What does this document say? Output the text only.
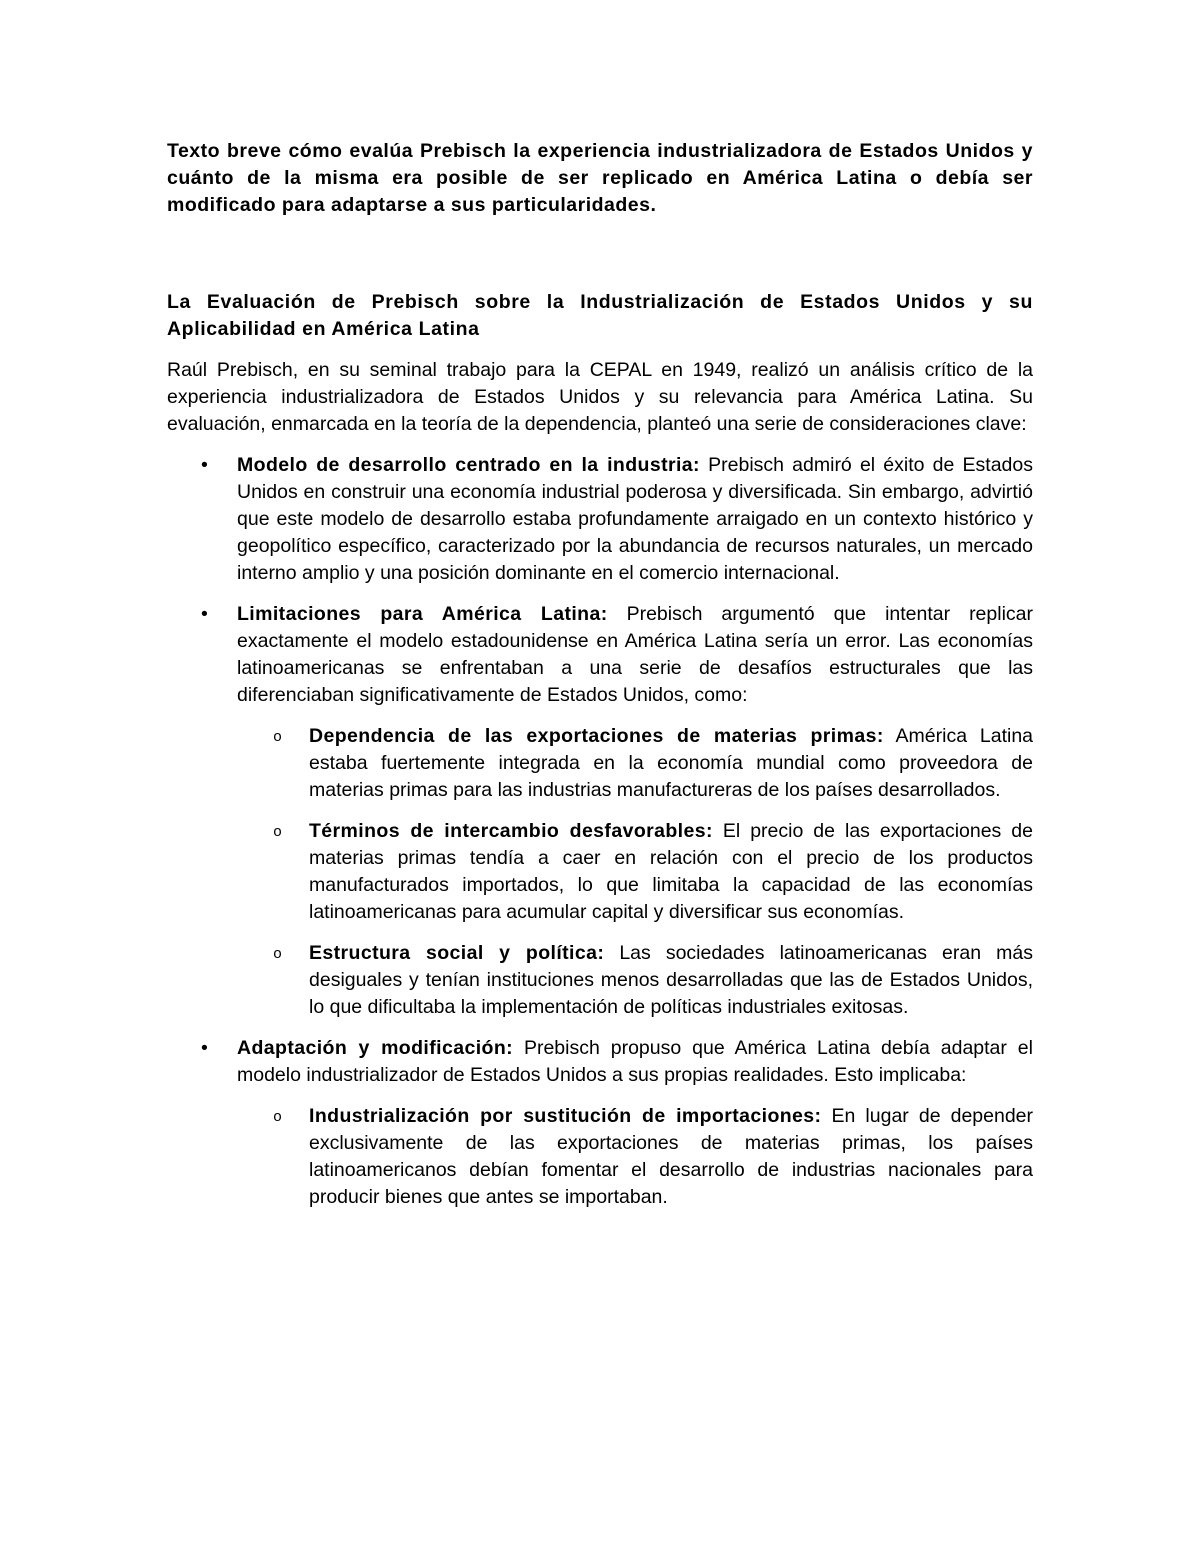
Texto breve cómo evalúa Prebisch la experiencia industrializadora de Estados Unidos y cuánto de la misma era posible de ser replicado en América Latina o debía ser modificado para adaptarse a sus particularidades.

La Evaluación de Prebisch sobre la Industrialización de Estados Unidos y su Aplicabilidad en América Latina

Raúl Prebisch, en su seminal trabajo para la CEPAL en 1949, realizó un análisis crítico de la experiencia industrializadora de Estados Unidos y su relevancia para América Latina. Su evaluación, enmarcada en la teoría de la dependencia, planteó una serie de consideraciones clave:

• Modelo de desarrollo centrado en la industria: Prebisch admiró el éxito de Estados Unidos en construir una economía industrial poderosa y diversificada. Sin embargo, advirtió que este modelo de desarrollo estaba profundamente arraigado en un contexto histórico y geopolítico específico, caracterizado por la abundancia de recursos naturales, un mercado interno amplio y una posición dominante en el comercio internacional.
• Limitaciones para América Latina: Prebisch argumentó que intentar replicar exactamente el modelo estadounidense en América Latina sería un error. Las economías latinoamericanas se enfrentaban a una serie de desafíos estructurales que las diferenciaban significativamente de Estados Unidos, como:
o Dependencia de las exportaciones de materias primas: América Latina estaba fuertemente integrada en la economía mundial como proveedora de materias primas para las industrias manufactureras de los países desarrollados.
o Términos de intercambio desfavorables: El precio de las exportaciones de materias primas tendía a caer en relación con el precio de los productos manufacturados importados, lo que limitaba la capacidad de las economías latinoamericanas para acumular capital y diversificar sus economías.
o Estructura social y política: Las sociedades latinoamericanas eran más desiguales y tenían instituciones menos desarrolladas que las de Estados Unidos, lo que dificultaba la implementación de políticas industriales exitosas.
• Adaptación y modificación: Prebisch propuso que América Latina debía adaptar el modelo industrializador de Estados Unidos a sus propias realidades. Esto implicaba:
o Industrialización por sustitución de importaciones: En lugar de depender exclusivamente de las exportaciones de materias primas, los países latinoamericanos debían fomentar el desarrollo de industrias nacionales para producir bienes que antes se importaban.
